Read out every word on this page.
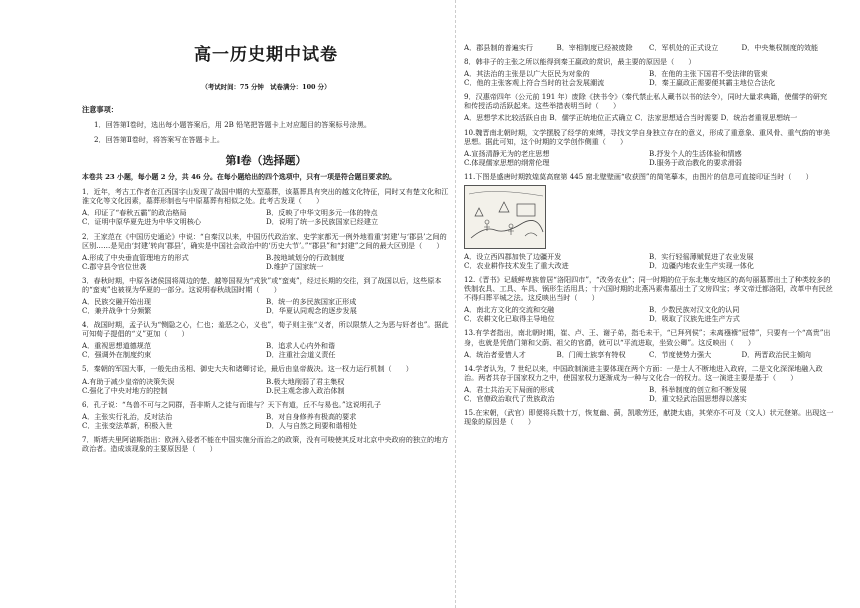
高一历史期中试卷
（考试时间：75 分钟　试卷满分：100 分）
注意事项：
1．回答第Ⅰ卷时，选出每小题答案后，用 2B 铅笔把答题卡上对应题目的答案标号涂黑。
2．回答第Ⅱ卷时，将答案写在答题卡上。
第Ⅰ卷（选择题）
本卷共 23 小题，每小题 2 分，共 46 分。在每小题给出的四个选项中，只有一项是符合题目要求的。
1．近年，考古工作者在江西国字山发现了战国中期的大型墓葬，该墓葬具有突出的越文化特征，同时又有楚文化和江淮文化等文化因素，墓葬形制也与中原墓葬有相似之处。此考古发现（　　）
A．印证了“春秋五霸”的政治格局	B．反映了中华文明多元一体的特点
C．证明中原华夏先进为中华文明核心	D．说明了统一多民族国家已经建立
2．王家范在《中国历史通论》中说：“自秦汉以来，中国历代政治家、史学家都无一例外地看重‘封建’与‘郡县’之间的区别……是见由‘封建’转向‘郡县’，确实是中国社会政治中的‘历史大节’。”“郡县”和“封建”之间的最大区别是（　　）
A.形成了中央垂直管理地方的形式	B.按地域划分的行政制度
C.郡守县令官位世袭	D.维护了国家统一
3．春秋时期，中原各诸侯国将周边的楚、越等国视为“戎狄”或“蛮夷”，经过长期的交往，到了战国以后，这些原本的“蛮夷”也被视为华夏的一部分。这说明春秋战国时期（　　）
A．民族交融开始出现	B．统一的多民族国家正形成
C．兼并战争十分频繁	D．华夏认同观念的逐步发展
4．战国时期，孟子认为“恻隐之心，仁也；羞恶之心，义也”，荀子则主张“义者，所以限禁人之为恶与奸者也”。据此可知荀子提倡的“义”更加（　　）
A．重视思想道德规范	B．追求人心内外和谐
C．强调外在制度约束	D．注重社会道义责任
5．秦朝的军国大事，一般先由丞相、御史大夫和诸卿讨论，最后由皇帝裁决。这一权力运行机制（　　）
A.有助于减少皇帝的决策失误	B.极大地削弱了君主集权
C.强化了中央对地方的控制	D.民主观念渗入政治体制
6．孔子说：“鸟兽不可与之同群，吾非斯人之徒与而谁与？天下有道，丘不与易也。”这说明孔子
A．主张实行礼治，反对法治	B．对自身修养有极高的要求
C．主张变法革新，积极入世	D．人与自然之间要和谐相处
7．斯塔夫里阿诺斯指出：欧洲入侵者不能在中国实施分而治之的政策，没有可唆使其反对北京中央政府的独立的地方政治者。造成该现象的主要原因是（　　）
A．郡县制的普遍实行	B．宰相制度已经被废除	C．军机处的正式设立	D．中央集权制度的效能
8．韩非子的主张之所以能得到秦王嬴政的赏识，最主要的原因是（　　）
A．其法治的主张是以广大臣民为对象的	B．在他的主张下国君不受法律的管束
C．他的主张客观上符合当时的社会发展潮流	D．秦王嬴政正需要便其霸主地位合法化
9．汉惠帝四年（公元前 191 年）废除《挟书令》（秦代禁止私人藏书以书的法令），同时大量求典籍，使儒学的研究和传授活动活跃起来。这些举措表明当时（　　）
A．思想学术比较活跃自由 B．儒学正统地位正式确立 C．法家思想适合当时需要 D．统治者重视思想统一
10.魏晋南北朝时期，文学摆脱了经学的束缚，寻找文学自身独立存在的意义，形成了重意象、重风骨、重气韵的审美思想。据此可知，这个时期的文学创作侧重（　　）
A.宣扬清静无为的老庄思想	B.抒发个人的生活体验和情感
C.体现儒家思想的纲常伦理	D.服务于政治教化的要求滑弱
11.下图是盛唐时期敦煌莫高窟第 445 窟北壁壁画“收获图”的简笔摹本，由图片的信息可直接印证当时（　　）
A．设立西四郡加快了边疆开发	B．实行轻徭薄赋促进了农业发展
C．农业耕作技术发生了重大改进	D．边疆内地农业生产实现一体化
12.《晋书》记载鲜卑族曾居“洛阳四市”，“改务农业”；同一时期的位于东北集安地区的高句丽墓葬出土了种类较多的铁制农具、工具、车具、锅形生活用具；十六国时期的北燕冯素弗墓出土了文房四宝；孝文帝迁都洛阳，改革中有民丝不得归葬平城之法。这反映出当时（　　）
A．南北方文化的交流和交融	B．少数民族对汉文化的认同
C．农耕文化已取得主导地位	D．吸取了汉族先进生产方式
13.有学者指出，南北朝时期，崔、卢、王、谢子弟，指毛未干，“已拜列侯”；未离襁褓“冠带”，只要有一个“高贵”出身，也就是凭借门第和父荫、祖父的官爵，就可以“平流进取，坐致公卿”。这反映出（　　）
A．统治者爱惜人才	B．门阀士族享有特权	C．节度使势力强大	D．两晋政治民主倾向
14.学者认为，7 世纪以来，中国政制演进主要体现在两个方面：一是士人不断地进入政府，二是文化深深地融入政治。两者共存于国家权力之中，使国家权力逐渐成为一种与文化合一的权力。这一演进主要是基于（　　）
A．君士共治天下局面的形成	B．科举制度的创立和不断发展
C．官僚政治取代了贵族政治	D．重文轻武治国思想得以落实
15.在宋朝，（武官）即便将兵数十万，恢复幽、蓟，凯歌劳还，献捷太庙，其荣亦不可及（文人）状元登第。出现这一现象的原因是（　　）
